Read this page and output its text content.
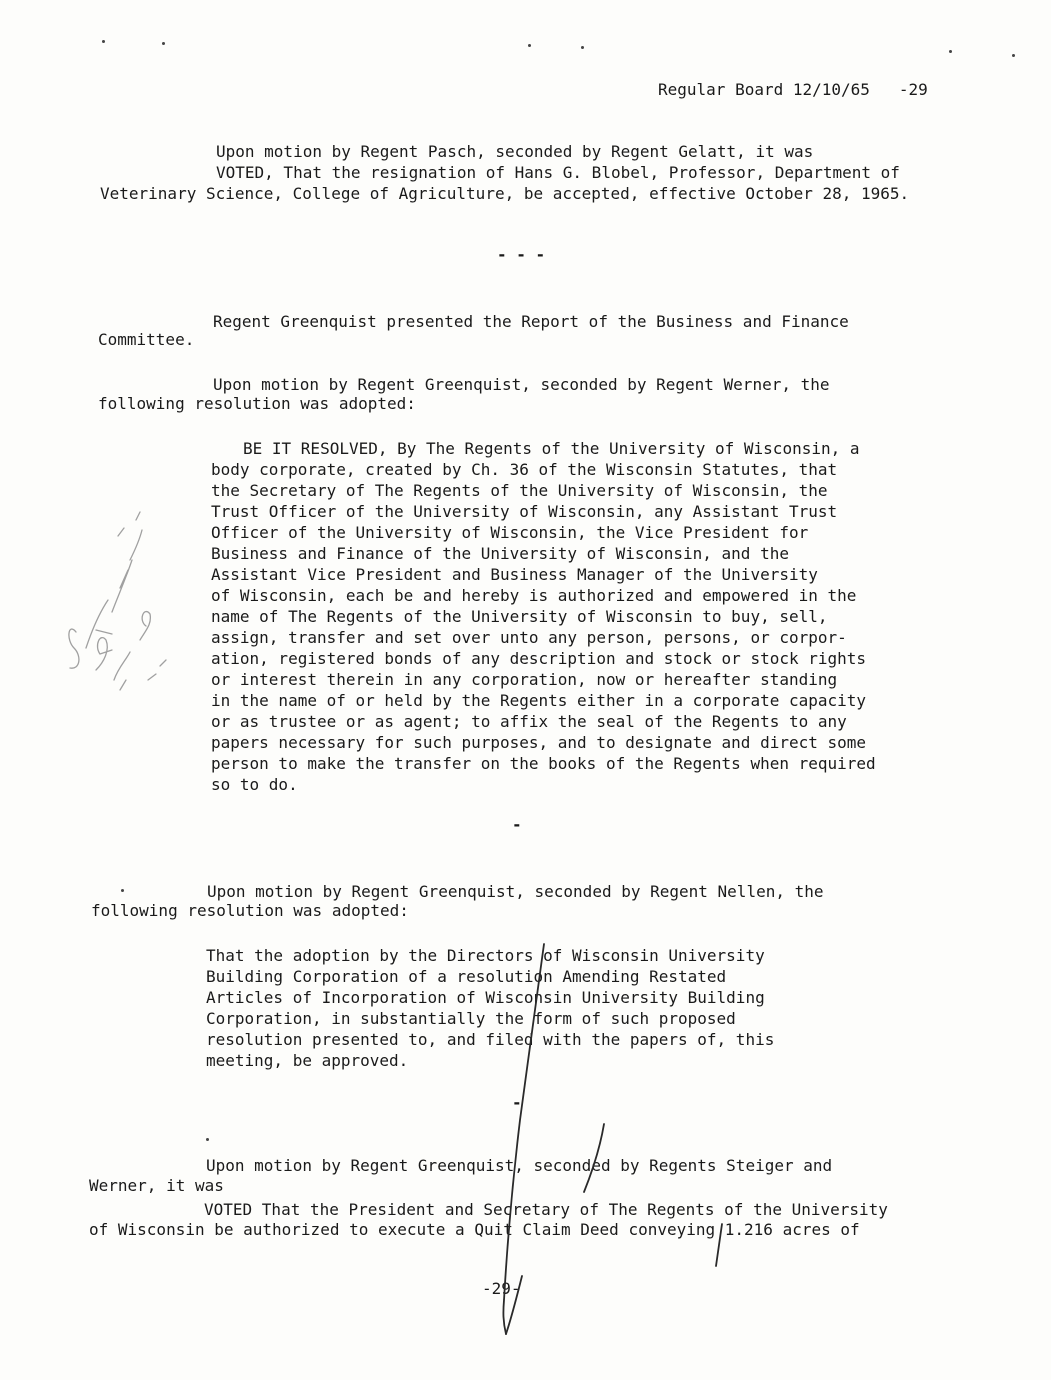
Regular Board 12/10/65   -29
Upon motion by Regent Pasch, seconded by Regent Gelatt, it was
VOTED, That the resignation of Hans G. Blobel, Professor, Department of
Veterinary Science, College of Agriculture, be accepted, effective October 28, 1965.
- - -
Regent Greenquist presented the Report of the Business and Finance
Committee.
Upon motion by Regent Greenquist, seconded by Regent Werner, the
following resolution was adopted:
BE IT RESOLVED, By The Regents of the University of Wisconsin, a
body corporate, created by Ch. 36 of the Wisconsin Statutes, that
the Secretary of The Regents of the University of Wisconsin, the
Trust Officer of the University of Wisconsin, any Assistant Trust
Officer of the University of Wisconsin, the Vice President for
Business and Finance of the University of Wisconsin, and the
Assistant Vice President and Business Manager of the University
of Wisconsin, each be and hereby is authorized and empowered in the
name of The Regents of the University of Wisconsin to buy, sell,
assign, transfer and set over unto any person, persons, or corpor-
ation, registered bonds of any description and stock or stock rights
or interest therein in any corporation, now or hereafter standing
in the name of or held by the Regents either in a corporate capacity
or as trustee or as agent; to affix the seal of the Regents to any
papers necessary for such purposes, and to designate and direct some
person to make the transfer on the books of the Regents when required
so to do.
-
Upon motion by Regent Greenquist, seconded by Regent Nellen, the
following resolution was adopted:
That the adoption by the Directors of Wisconsin University
Building Corporation of a resolution Amending Restated
Articles of Incorporation of Wisconsin University Building
Corporation, in substantially the form of such proposed
resolution presented to, and filed with the papers of, this
meeting, be approved.
-
Upon motion by Regent Greenquist, seconded by Regents Steiger and
Werner, it was
VOTED That the President and Secretary of The Regents of the University
of Wisconsin be authorized to execute a Quit Claim Deed conveying 1.216 acres of
-29-
